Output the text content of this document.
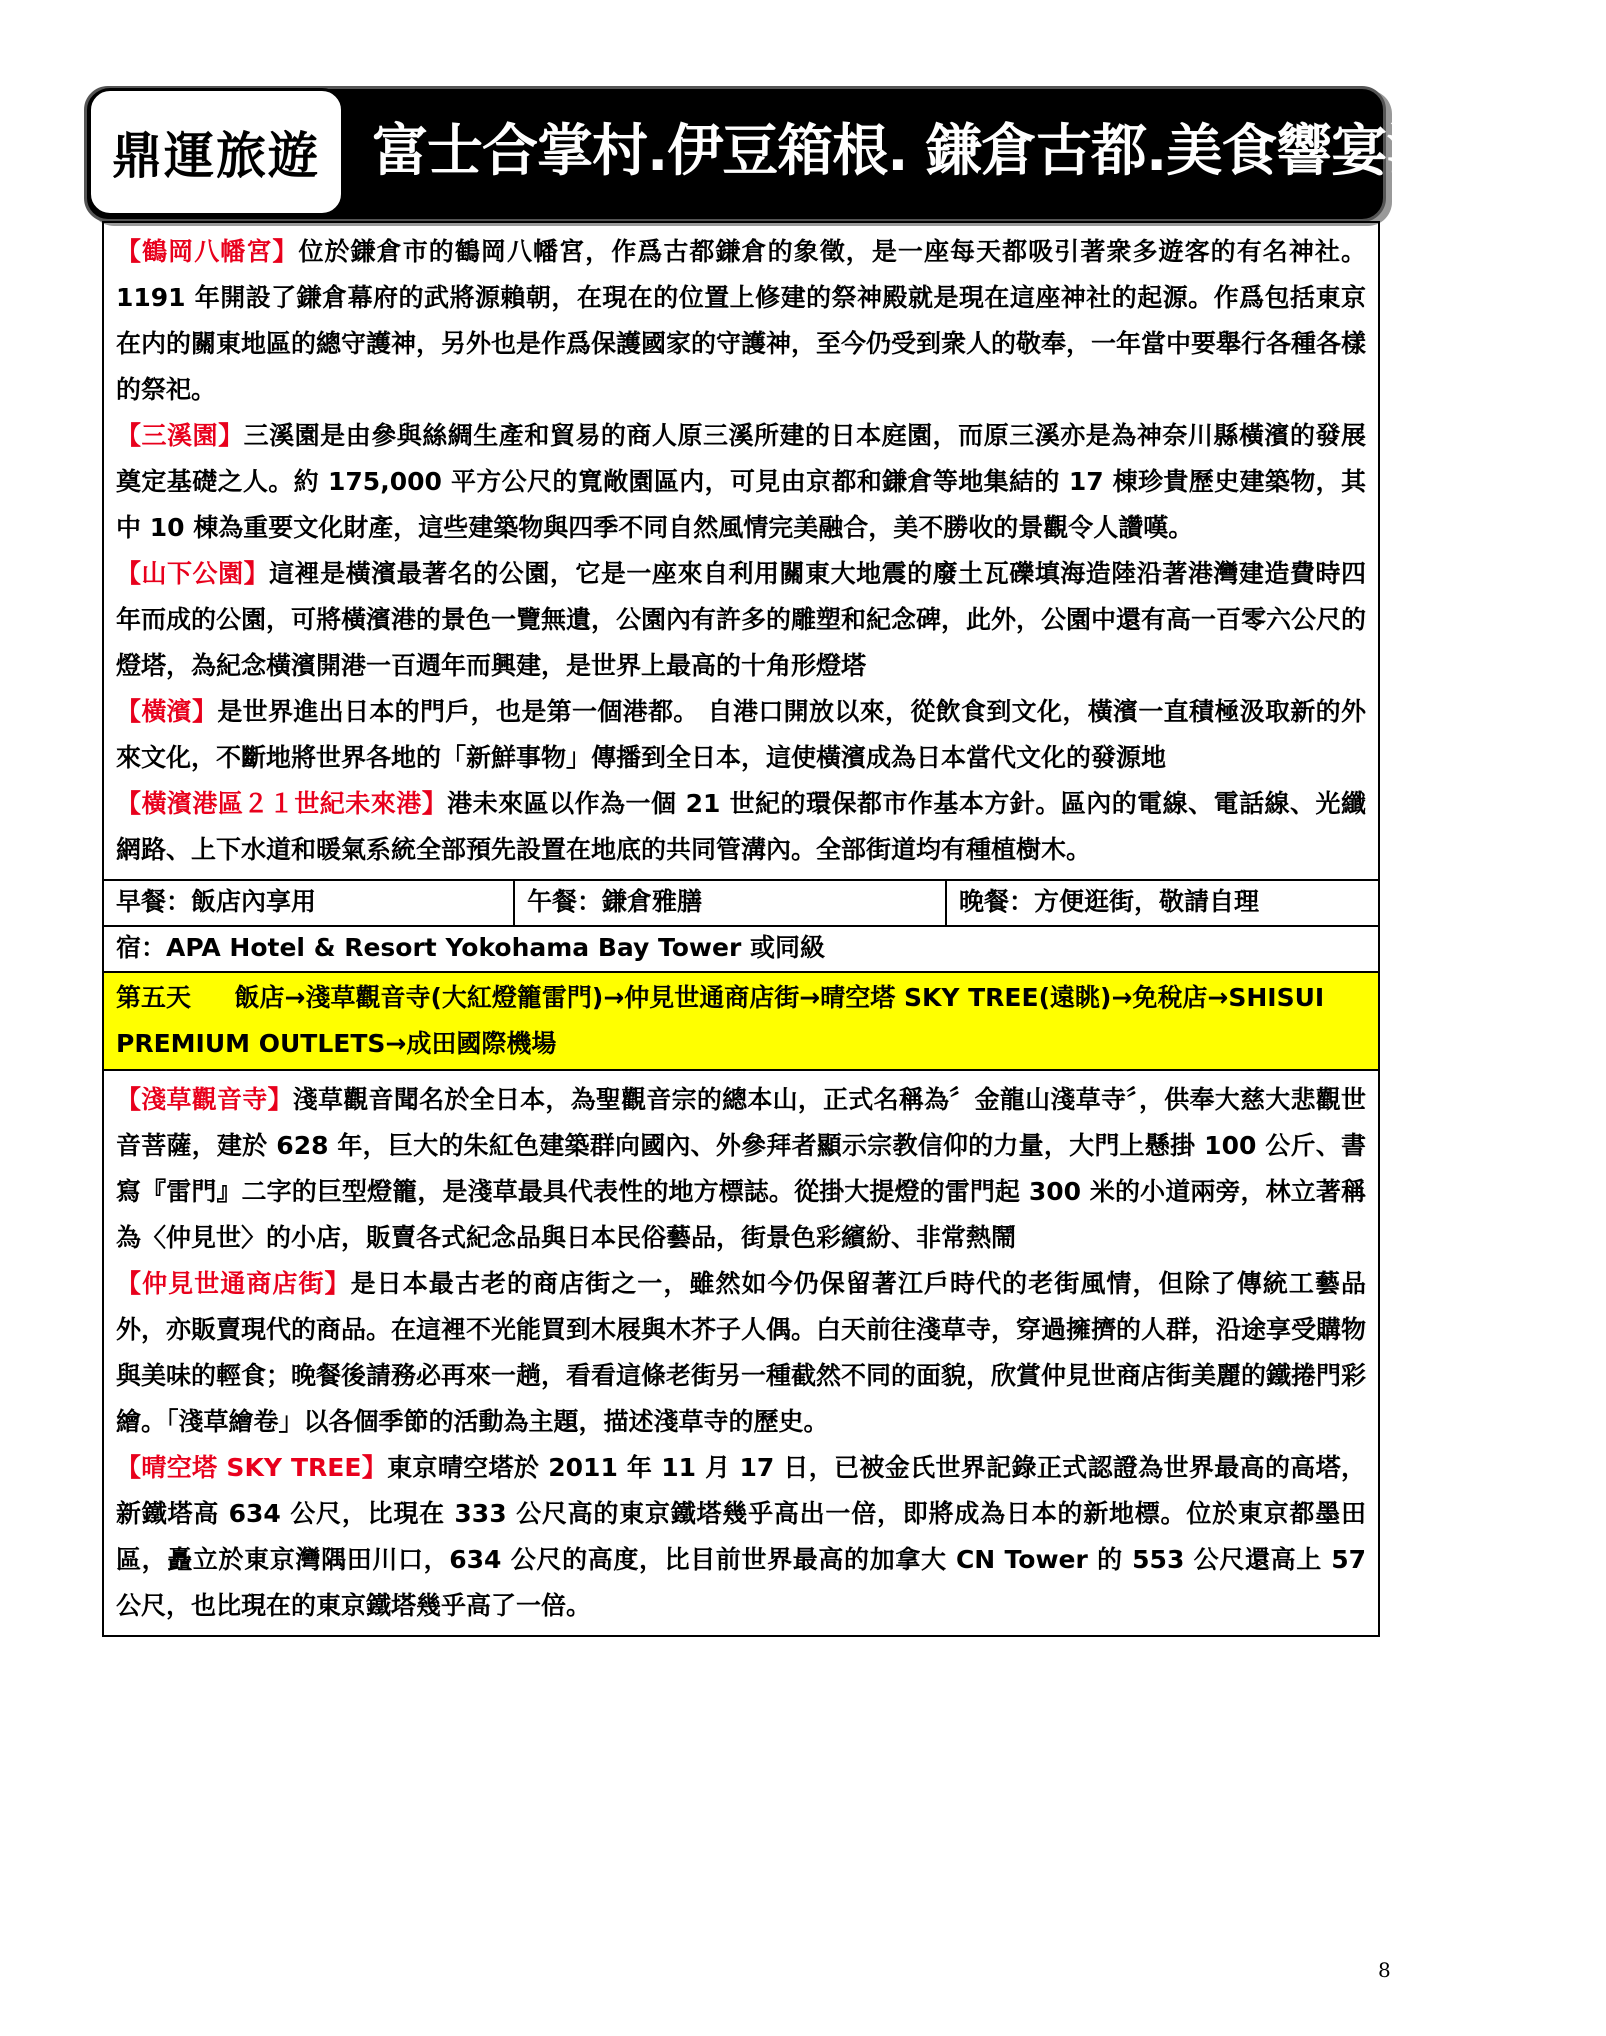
鼎運旅遊 富士合掌村.伊豆箱根. 鎌倉古都.美食響宴溫泉五日

【鶴岡八幡宮】位於鎌倉市的鶴岡八幡宮，作爲古都鎌倉的象徵，是一座每天都吸引著衆多遊客的有名神社。1191 年開設了鎌倉幕府的武將源賴朝，在現在的位置上修建的祭神殿就是現在這座神社的起源。作爲包括東京在内的關東地區的總守護神，另外也是作爲保護國家的守護神，至今仍受到衆人的敬奉，一年當中要舉行各種各樣的祭祀。

【三溪園】三溪園是由參與絲綢生產和貿易的商人原三溪所建的日本庭園，而原三溪亦是為神奈川縣橫濱的發展奠定基礎之人。約 175,000 平方公尺的寬敞園區内，可見由京都和鎌倉等地集結的 17 棟珍貴歷史建築物，其中 10 棟為重要文化財產，這些建築物與四季不同自然風情完美融合，美不勝收的景觀令人讚嘆。

【山下公園】這裡是橫濱最著名的公園，它是一座來自利用關東大地震的廢土瓦礫填海造陸沿著港灣建造費時四年而成的公園，可將橫濱港的景色一覽無遺，公園內有許多的雕塑和紀念碑，此外，公園中還有高一百零六公尺的燈塔，為紀念橫濱開港一百週年而興建，是世界上最高的十角形燈塔

【橫濱】是世界進出日本的門戶，也是第一個港都。 自港口開放以來，從飲食到文化，橫濱一直積極汲取新的外來文化，不斷地將世界各地的「新鮮事物」傳播到全日本，這使橫濱成為日本當代文化的發源地

【橫濱港區２１世紀未來港】港未來區以作為一個 21 世紀的環保都市作基本方針。區內的電線、電話線、光纖網路、上下水道和暖氣系統全部預先設置在地底的共同管溝內。全部街道均有種植樹木。

早餐：飯店內享用	午餐：鎌倉雅膳	晚餐：方便逛街，敬請自理
宿：APA Hotel & Resort Yokohama Bay Tower 或同級
第五天 飯店→淺草觀音寺(大紅燈籠雷門)→仲見世通商店街→晴空塔 SKY TREE(遠眺)→免稅店→SHISUI PREMIUM OUTLETS→成田國際機場

【淺草觀音寺】淺草觀音聞名於全日本，為聖觀音宗的總本山，正式名稱為〞金龍山淺草寺〞，供奉大慈大悲觀世音菩薩，建於 628 年，巨大的朱紅色建築群向國內、外參拜者顯示宗教信仰的力量，大門上懸掛 100 公斤、書寫『雷門』二字的巨型燈籠，是淺草最具代表性的地方標誌。從掛大提燈的雷門起 300 米的小道兩旁，林立著稱為〈仲見世〉的小店，販賣各式紀念品與日本民俗藝品，街景色彩繽紛、非常熱鬧

【仲見世通商店街】是日本最古老的商店街之一，雖然如今仍保留著江戶時代的老街風情，但除了傳統工藝品外，亦販賣現代的商品。在這裡不光能買到木屐與木芥子人偶。白天前往淺草寺，穿過擁擠的人群，沿途享受購物與美味的輕食；晚餐後請務必再來一趟，看看這條老街另一種截然不同的面貌，欣賞仲見世商店街美麗的鐵捲門彩繪。「淺草繪卷」以各個季節的活動為主題，描述淺草寺的歷史。

【晴空塔 SKY TREE】東京晴空塔於 2011 年 11 月 17 日，已被金氏世界記錄正式認證為世界最高的高塔，新鐵塔高 634 公尺，比現在 333 公尺高的東京鐵塔幾乎高出一倍，即將成為日本的新地標。位於東京都墨田區，矗立於東京灣隅田川口，634 公尺的高度，比目前世界最高的加拿大 CN Tower 的 553 公尺還高上 57 公尺，也比現在的東京鐵塔幾乎高了一倍。

8
